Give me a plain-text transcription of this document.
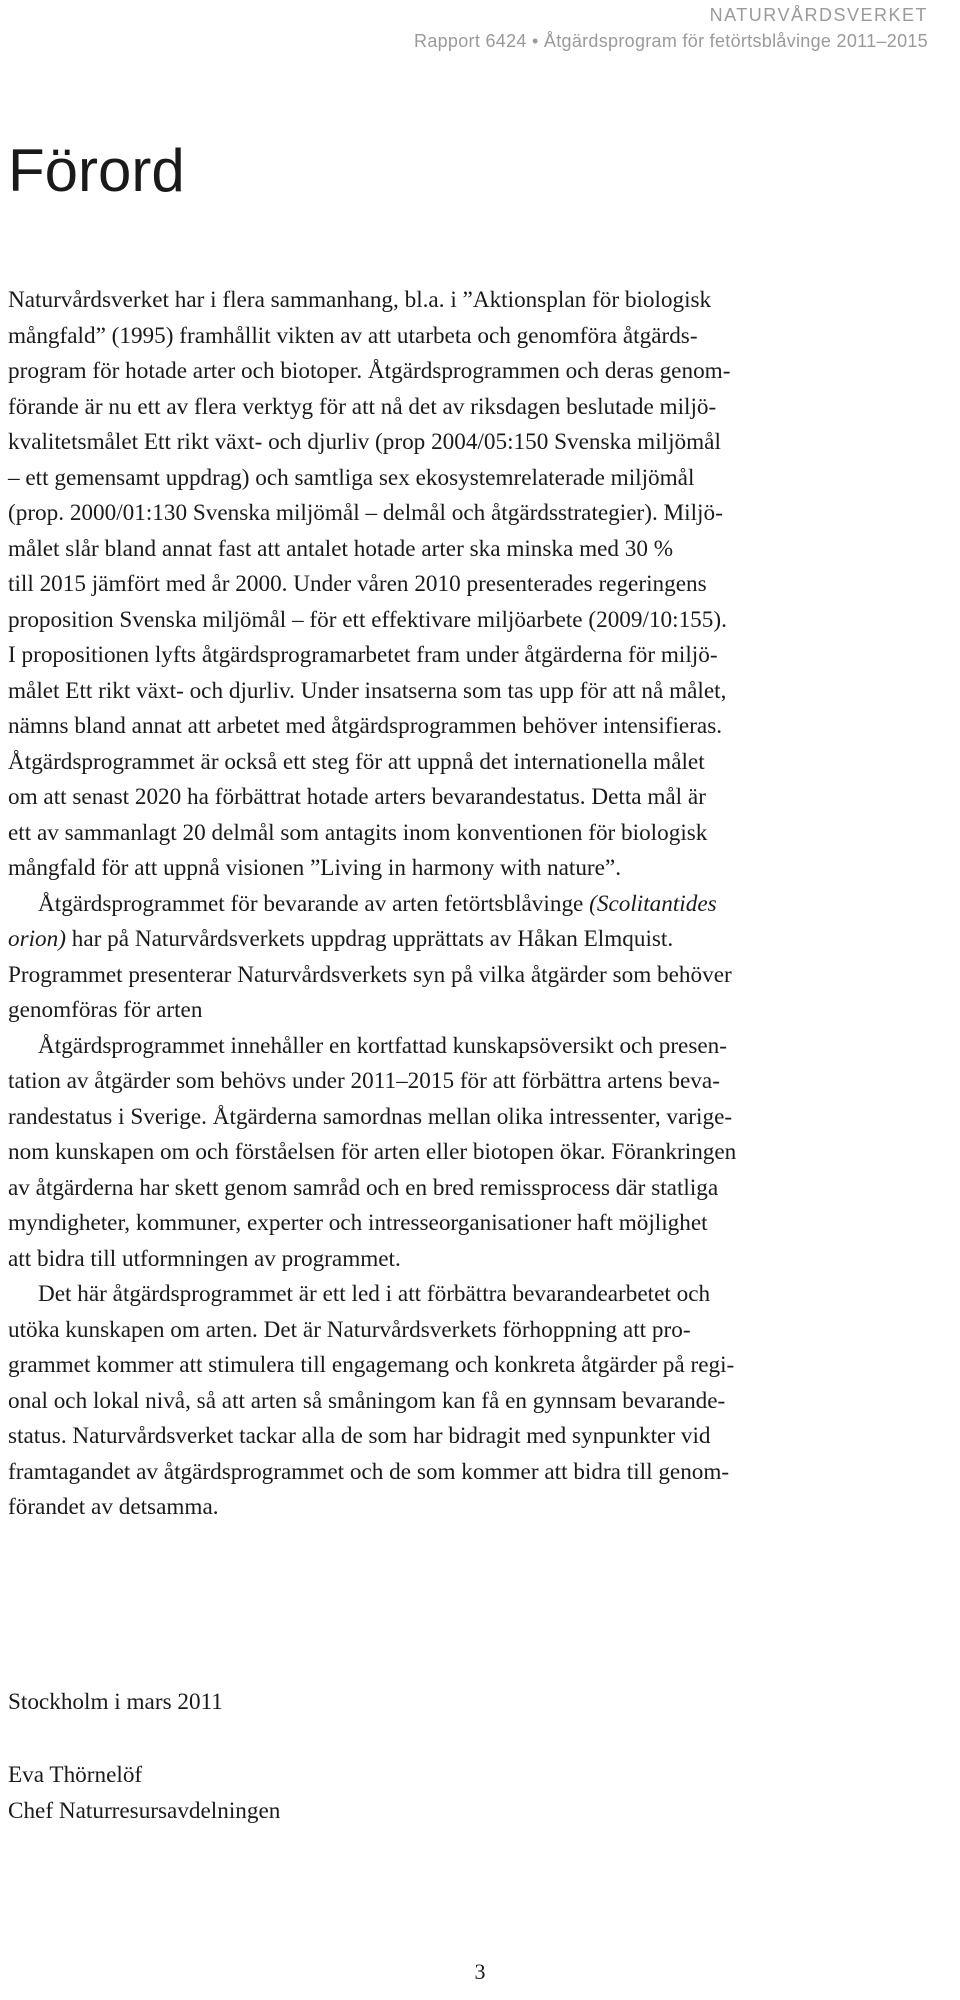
NATURVÅRDSVERKET
Rapport 6424 • Åtgärdsprogram för fetörtsblåvinge 2011–2015
Förord

Naturvårdsverket har i flera sammanhang, bl.a. i ”Aktionsplan för biologisk
mångfald” (1995) framhållit vikten av att utarbeta och genomföra åtgärds-
program för hotade arter och biotoper. Åtgärdsprogrammen och deras genom-
förande är nu ett av flera verktyg för att nå det av riksdagen beslutade miljö-
kvalitetsmålet Ett rikt växt- och djurliv (prop 2004/05:150 Svenska miljömål
– ett gemensamt uppdrag) och samtliga sex ekosystemrelaterade miljömål
(prop. 2000/01:130 Svenska miljömål – delmål och åtgärdsstrategier). Miljö-
målet slår bland annat fast att antalet hotade arter ska minska med 30 %
till 2015 jämfört med år 2000. Under våren 2010 presenterades regeringens
proposition Svenska miljömål – för ett effektivare miljöarbete (2009/10:155).
I propositionen lyfts åtgärdsprogramarbetet fram under åtgärderna för miljö-
målet Ett rikt växt- och djurliv. Under insatserna som tas upp för att nå målet,
nämns bland annat att arbetet med åtgärdsprogrammen behöver intensifieras.
Åtgärdsprogrammet är också ett steg för att uppnå det internationella målet
om att senast 2020 ha förbättrat hotade arters bevarandestatus. Detta mål är
ett av sammanlagt 20 delmål som antagits inom konventionen för biologisk
mångfald för att uppnå visionen ”Living in harmony with nature”.

Åtgärdsprogrammet för bevarande av arten fetörtsblåvinge (Scolitantides
orion) har på Naturvårdsverkets uppdrag upprättats av Håkan Elmquist.
Programmet presenterar Naturvårdsverkets syn på vilka åtgärder som behöver
genomföras för arten

Åtgärdsprogrammet innehåller en kortfattad kunskapsöversikt och presen-
tation av åtgärder som behövs under 2011–2015 för att förbättra artens beva-
randestatus i Sverige. Åtgärderna samordnas mellan olika intressenter, varige-
nom kunskapen om och förståelsen för arten eller biotopen ökar. Förankringen
av åtgärderna har skett genom samråd och en bred remissprocess där statliga
myndigheter, kommuner, experter och intresseorganisationer haft möjlighet
att bidra till utformningen av programmet.

Det här åtgärdsprogrammet är ett led i att förbättra bevarandearbetet och
utöka kunskapen om arten. Det är Naturvårdsverkets förhoppning att pro-
grammet kommer att stimulera till engagemang och konkreta åtgärder på regi-
onal och lokal nivå, så att arten så småningom kan få en gynnsam bevarande-
status. Naturvårdsverket tackar alla de som har bidragit med synpunkter vid
framtagandet av åtgärdsprogrammet och de som kommer att bidra till genom-
förandet av detsamma.

Stockholm i mars 2011
Eva Thörnelöf
Chef Naturresursavdelningen
3
